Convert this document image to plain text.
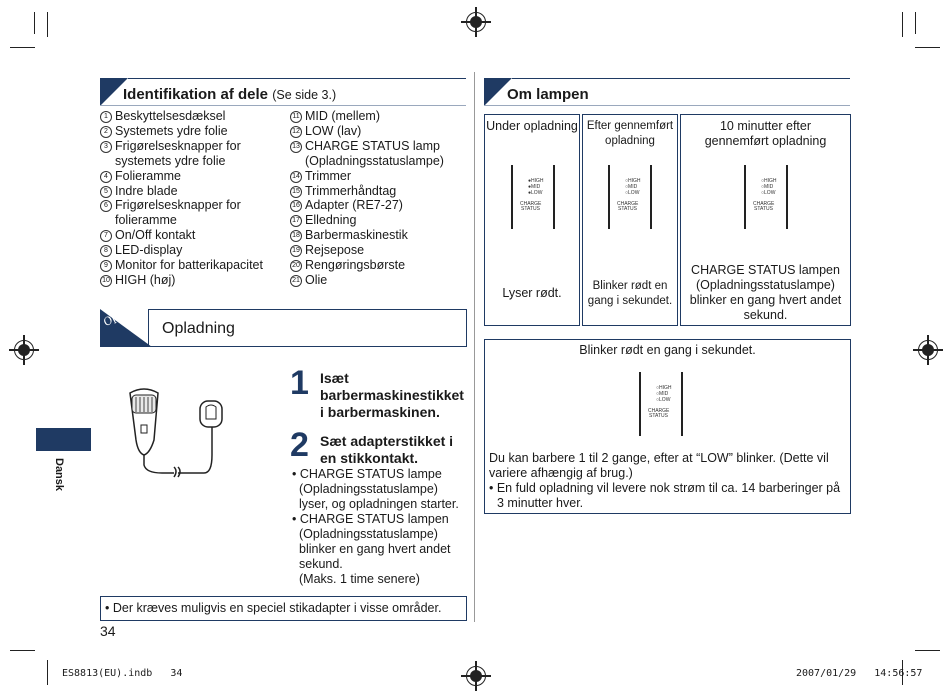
Identifikation af dele (Se side 3.)
1 Beskyttelsesdæksel
2 Systemets ydre folie
3 Frigørelsesknapper for systemets ydre folie
4 Folieramme
5 Indre blade
6 Frigørelsesknapper for folieramme
7 On/Off kontakt
8 LED-display
9 Monitor for batterikapacitet
10 HIGH (høj)
11 MID (mellem)
12 LOW (lav)
13 CHARGE STATUS lamp (Opladningsstatuslampe)
14 Trimmer
15 Trimmerhåndtag
16 Adapter (RE7-27)
17 Elledning
18 Barbermaskinestik
19 Rejsepose
20 Rengøringsbørste
21 Olie
Opladning Opladning
1 Isæt barbermaskinestikket i barbermaskinen.
2 Sæt adapterstikket i en stikkontakt.
• CHARGE STATUS lampe (Opladningsstatuslampe) lyser, og opladningen starter.
• CHARGE STATUS lampen (Opladningsstatuslampe) blinker en gang hvert andet sekund.
(Maks. 1 time senere)
• Der kræves muligvis en speciel stikadapter i visse områder.
34
Dansk
Om lampen
Under opladning
●HIGH
●MID
●LOW
CHARGE
STATUS
Lyser rødt.
Efter gennemført opladning
○HIGH
○MID
○LOW
CHARGE
STATUS
Blinker rødt en gang i sekundet.
10 minutter efter gennemført opladning
○HIGH
○MID
○LOW
CHARGE
STATUS
CHARGE STATUS lampen (Opladningsstatuslampe) blinker en gang hvert andet sekund.
Blinker rødt en gang i sekundet.
○HIGH
○MID
○LOW
CHARGE
STATUS
Du kan barbere 1 til 2 gange, efter at “LOW” blinker. (Dette vil variere afhængig af brug.)
• En fuld opladning vil levere nok strøm til ca. 14 barberinger på 3 minutter hver.
ES8813(EU).indb   34	2007/01/29   14:56:57
